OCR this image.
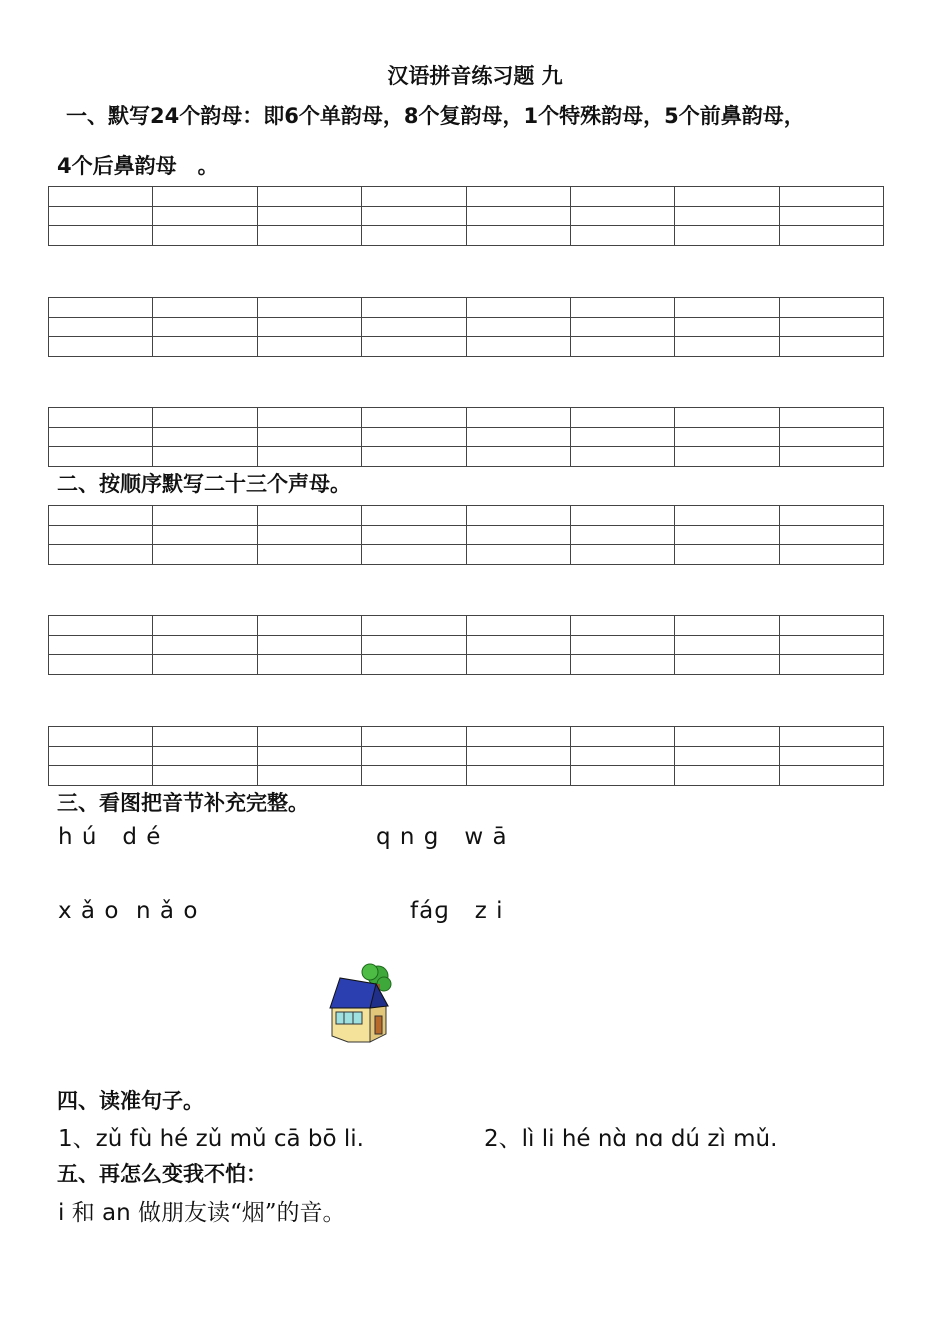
汉语拼音练习题 九
一、默写24个韵母：即6个单韵母，8个复韵母，1个特殊韵母，5个前鼻韵母，
4个后鼻韵母　。

二、按顺序默写二十三个声母。

三、看图把音节补充完整。
h ú   d é	q n g   w ā
x ǎ o  n ǎ o	fáɡ   z i
四、读准句子。
1、zǔ fù hé zǔ mǔ cā bō li.	2、lì li hé nɑ̀ nɑ dú zì mǔ.
五、再怎么变我不怕：
i 和 an 做朋友读“烟”的音。
